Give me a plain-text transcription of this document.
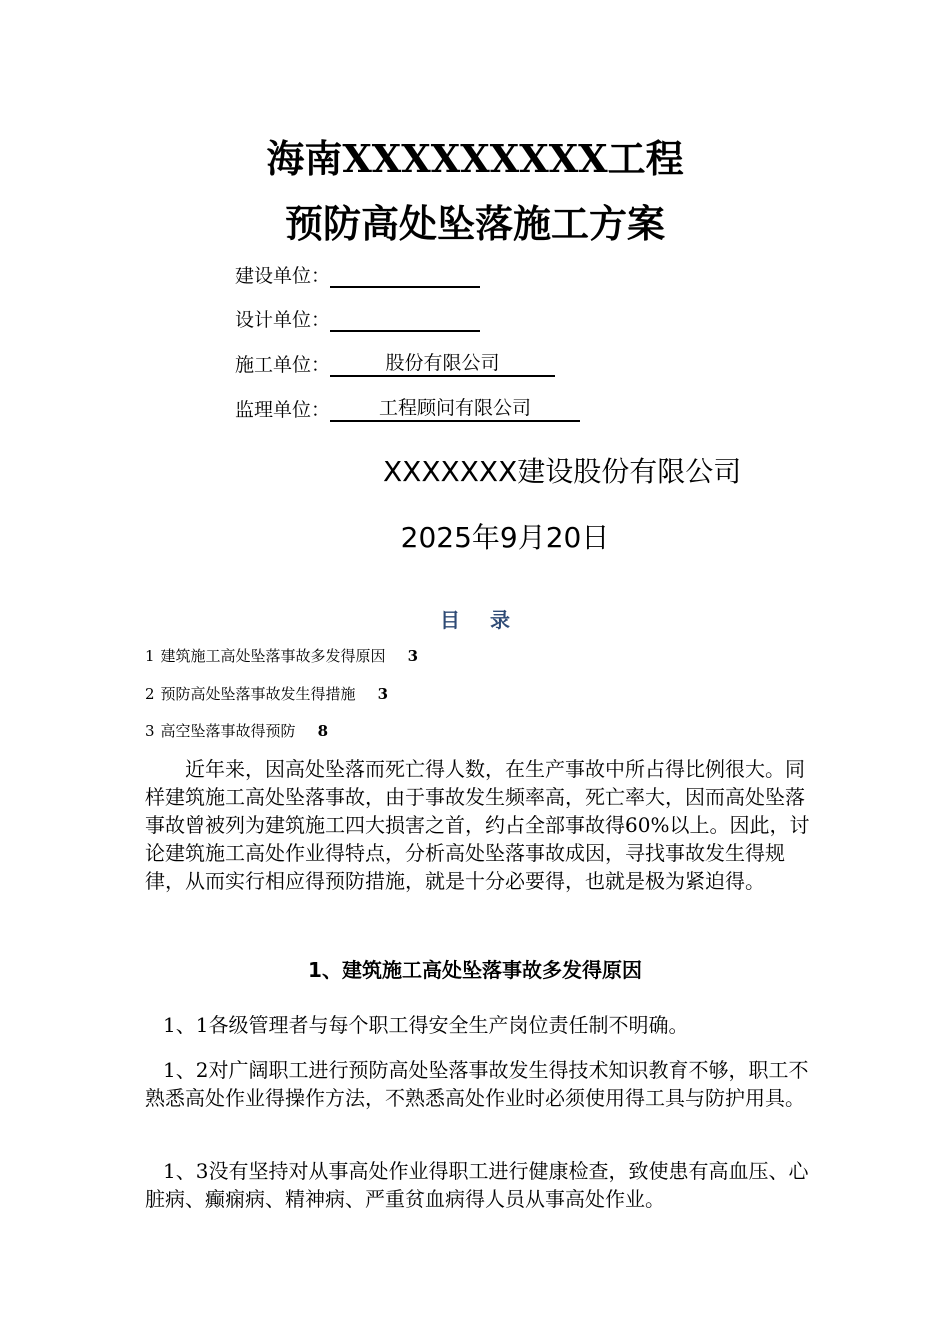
海南XXXXXXXXX工程
预防高处坠落施工方案
建设单位：
设计单位：
施工单位：	股份有限公司
监理单位：	工程顾问有限公司
XXXXXXX建设股份有限公司
2025年9月20日
目录
1 建筑施工高处坠落事故多发得原因 3
2 预防高处坠落事故发生得措施 3
3 高空坠落事故得预防 8

近年来，因高处坠落而死亡得人数，在生产事故中所占得比例很大。同样建筑施工高处坠落事故，由于事故发生频率高，死亡率大，因而高处坠落事故曾被列为建筑施工四大损害之首，约占全部事故得60%以上。因此，讨论建筑施工高处作业得特点，分析高处坠落事故成因，寻找事故发生得规律，从而实行相应得预防措施，就是十分必要得，也就是极为紧迫得。

1、建筑施工高处坠落事故多发得原因

1、1各级管理者与每个职工得安全生产岗位责任制不明确。

1、2对广阔职工进行预防高处坠落事故发生得技术知识教育不够，职工不熟悉高处作业得操作方法，不熟悉高处作业时必须使用得工具与防护用具。

1、3没有坚持对从事高处作业得职工进行健康检查，致使患有高血压、心脏病、癫痫病、精神病、严重贫血病得人员从事高处作业。
